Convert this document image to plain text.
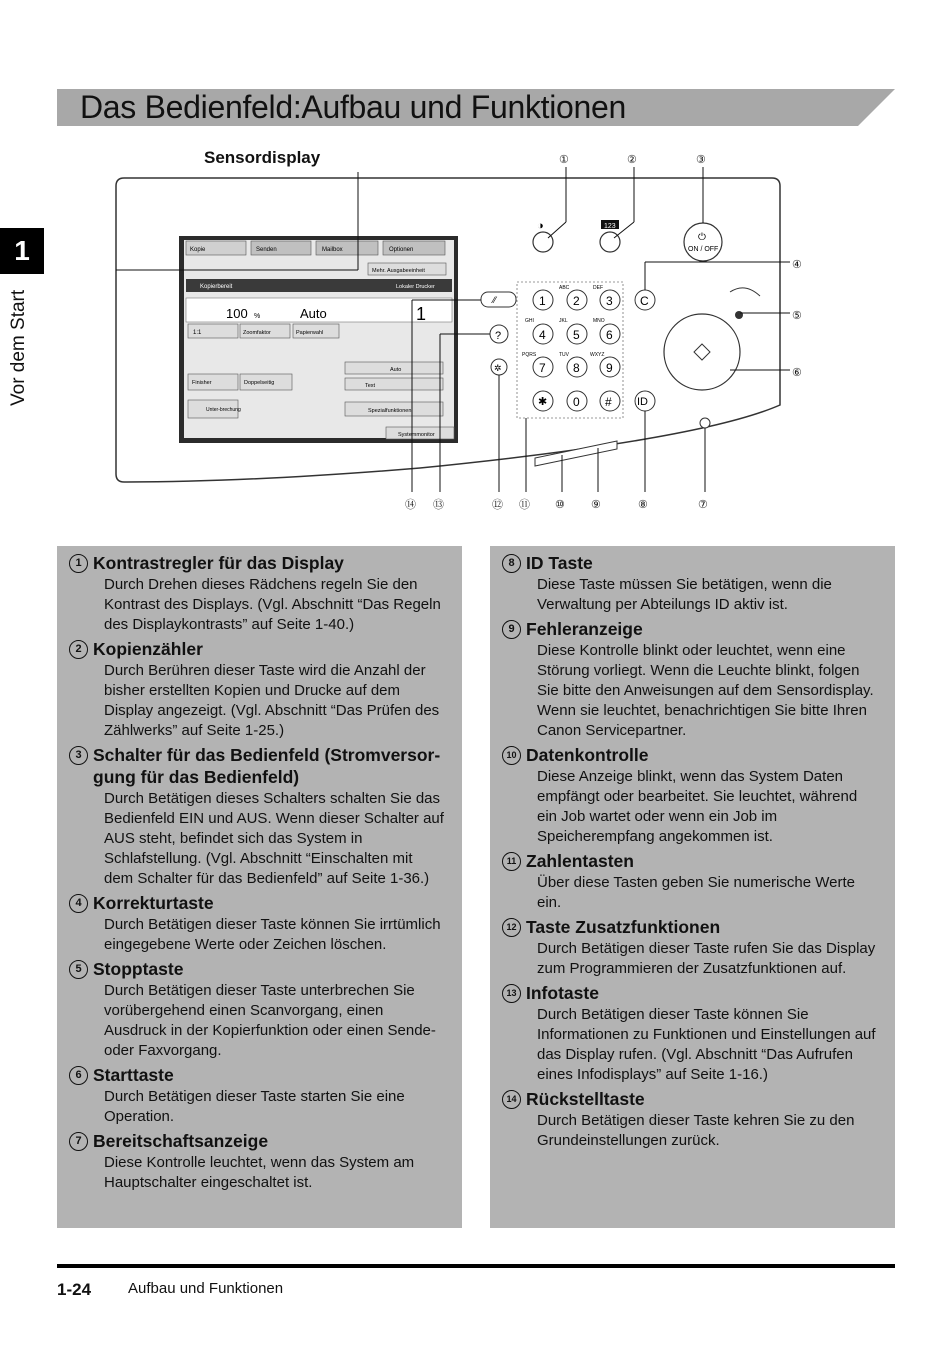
Das Bedienfeld:Aufbau und Funktionen
1
Vor dem Start
Sensordisplay
Kopie	Senden	Mailbox	Optionen
Mehr. Ausgabeeinheit
Kopierbereit	Lokaler Drucker
100 %	Auto	1
1:1	Zoomfaktor	Papierwahl
Auto
Text
Finisher	Doppelseitig
Unter-brechung	Spezialfunktionen
Systemmonitor
◑	123
⏻
ON / OFF
1 2 3
4 5 6
7 8 9
✱ 0 #
ABC	DEF
GHI	JKL	MNO
PQRS	TUV	WXYZ
⁄⁄
?
✲
C
ID
①	②	③
④
⑤
⑥
⑦
⑧
⑨
⑩
⑪
⑫
⑬
⑭
1 Kontrastregler für das Display
Durch Drehen dieses Rädchens regeln Sie den
Kontrast des Displays. (Vgl. Abschnitt “Das Regeln
des Displaykontrasts” auf Seite 1-40.)
2 Kopienzähler
Durch Berühren dieser Taste wird die Anzahl der
bisher erstellten Kopien und Drucke auf dem
Display angezeigt. (Vgl. Abschnitt “Das Prüfen des
Zählwerks” auf Seite 1-25.)
3 Schalter für das Bedienfeld (Stromversor-
gung für das Bedienfeld)
Durch Betätigen dieses Schalters schalten Sie das
Bedienfeld EIN und AUS. Wenn dieser Schalter auf
AUS steht, befindet sich das System in
Schlafstellung. (Vgl. Abschnitt “Einschalten mit
dem Schalter für das Bedienfeld” auf Seite 1-36.)
4 Korrekturtaste
Durch Betätigen dieser Taste können Sie irrtümlich
eingegebene Werte oder Zeichen löschen.
5 Stopptaste
Durch Betätigen dieser Taste unterbrechen Sie
vorübergehend einen Scanvorgang, einen
Ausdruck in der Kopierfunktion oder einen Sende-
oder Faxvorgang.
6 Starttaste
Durch Betätigen dieser Taste starten Sie eine
Operation.
7 Bereitschaftsanzeige
Diese Kontrolle leuchtet, wenn das System am
Hauptschalter eingeschaltet ist.
8 ID Taste
Diese Taste müssen Sie betätigen, wenn die
Verwaltung per Abteilungs ID aktiv ist.
9 Fehleranzeige
Diese Kontrolle blinkt oder leuchtet, wenn eine
Störung vorliegt. Wenn die Leuchte blinkt, folgen
Sie bitte den Anweisungen auf dem Sensordisplay.
Wenn sie leuchtet, benachrichtigen Sie bitte Ihren
Canon Servicepartner.
10 Datenkontrolle
Diese Anzeige blinkt, wenn das System Daten
empfängt oder bearbeitet. Sie leuchtet, während
ein Job wartet oder wenn ein Job im
Speicherempfang angekommen ist.
11 Zahlentasten
Über diese Tasten geben Sie numerische Werte
ein.
12 Taste Zusatzfunktionen
Durch Betätigen dieser Taste rufen Sie das Display
zum Programmieren der Zusatzfunktionen auf.
13 Infotaste
Durch Betätigen dieser Taste können Sie
Informationen zu Funktionen und Einstellungen auf
das Display rufen. (Vgl. Abschnitt “Das Aufrufen
eines Infodisplays” auf Seite 1-16.)
14 Rückstelltaste
Durch Betätigen dieser Taste kehren Sie zu den
Grundeinstellungen zurück.
1-24 Aufbau und Funktionen
